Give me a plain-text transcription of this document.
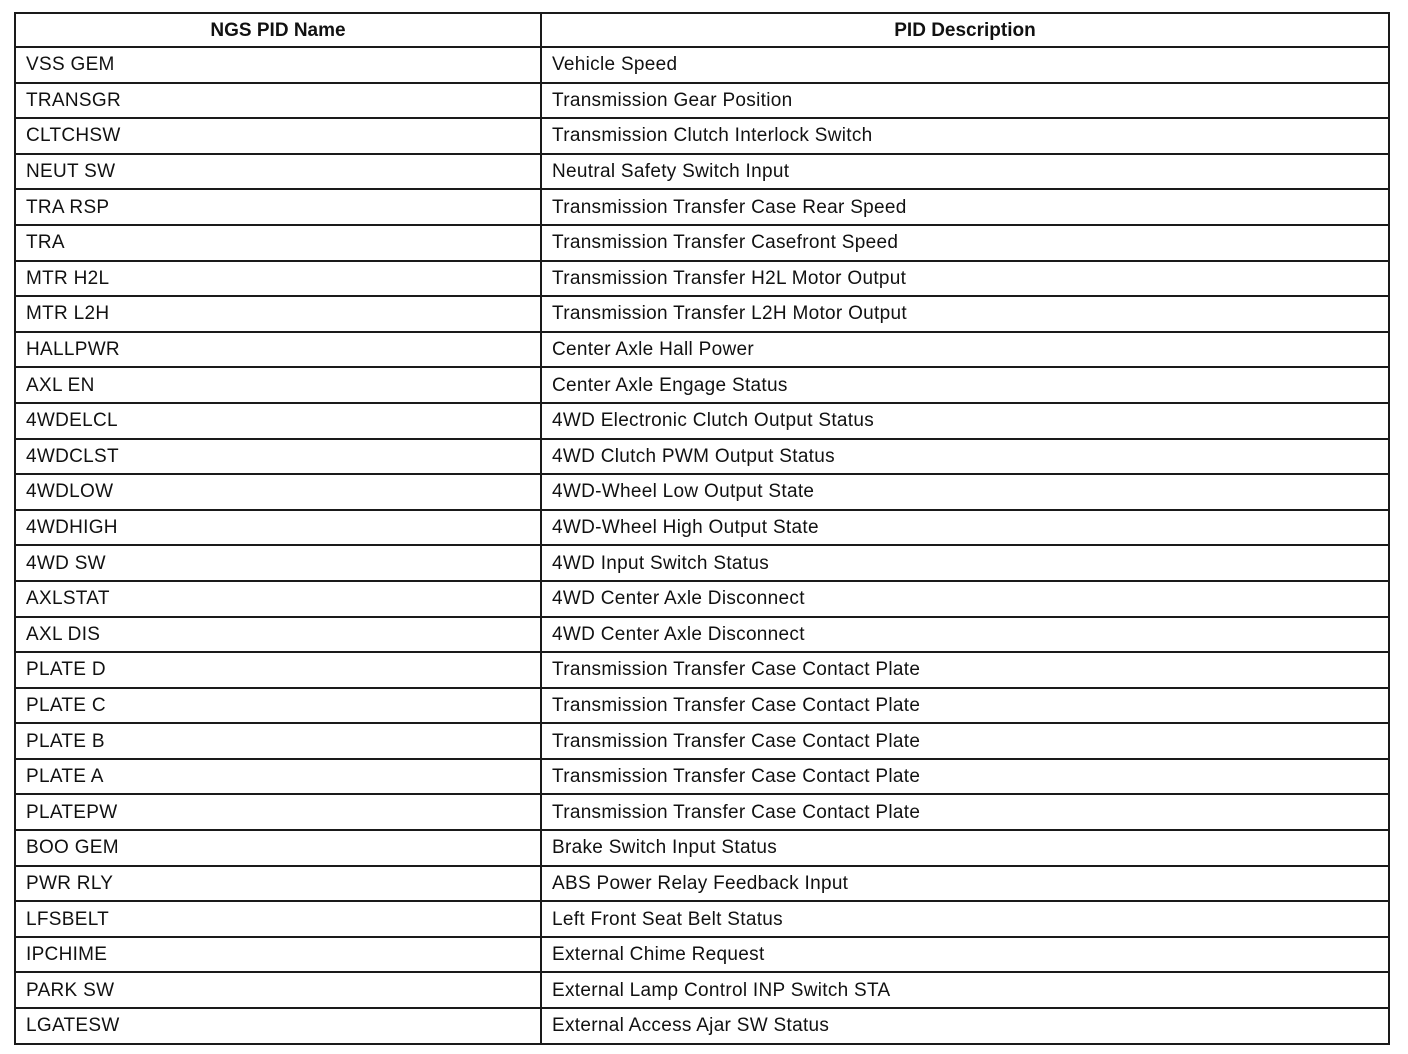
NGS PID Name	PID Description
VSS GEM	Vehicle Speed
TRANSGR	Transmission Gear Position
CLTCHSW	Transmission Clutch Interlock Switch
NEUT SW	Neutral Safety Switch Input
TRA RSP	Transmission Transfer Case Rear Speed
TRA	Transmission Transfer Casefront Speed
MTR H2L	Transmission Transfer H2L Motor Output
MTR L2H	Transmission Transfer L2H Motor Output
HALLPWR	Center Axle Hall Power
AXL EN	Center Axle Engage Status
4WDELCL	4WD Electronic Clutch Output Status
4WDCLST	4WD Clutch PWM Output Status
4WDLOW	4WD-Wheel Low Output State
4WDHIGH	4WD-Wheel High Output State
4WD SW	4WD Input Switch Status
AXLSTAT	4WD Center Axle Disconnect
AXL DIS	4WD Center Axle Disconnect
PLATE D	Transmission Transfer Case Contact Plate
PLATE C	Transmission Transfer Case Contact Plate
PLATE B	Transmission Transfer Case Contact Plate
PLATE A	Transmission Transfer Case Contact Plate
PLATEPW	Transmission Transfer Case Contact Plate
BOO GEM	Brake Switch Input Status
PWR RLY	ABS Power Relay Feedback Input
LFSBELT	Left Front Seat Belt Status
IPCHIME	External Chime Request
PARK SW	External Lamp Control INP Switch STA
LGATESW	External Access Ajar SW Status
